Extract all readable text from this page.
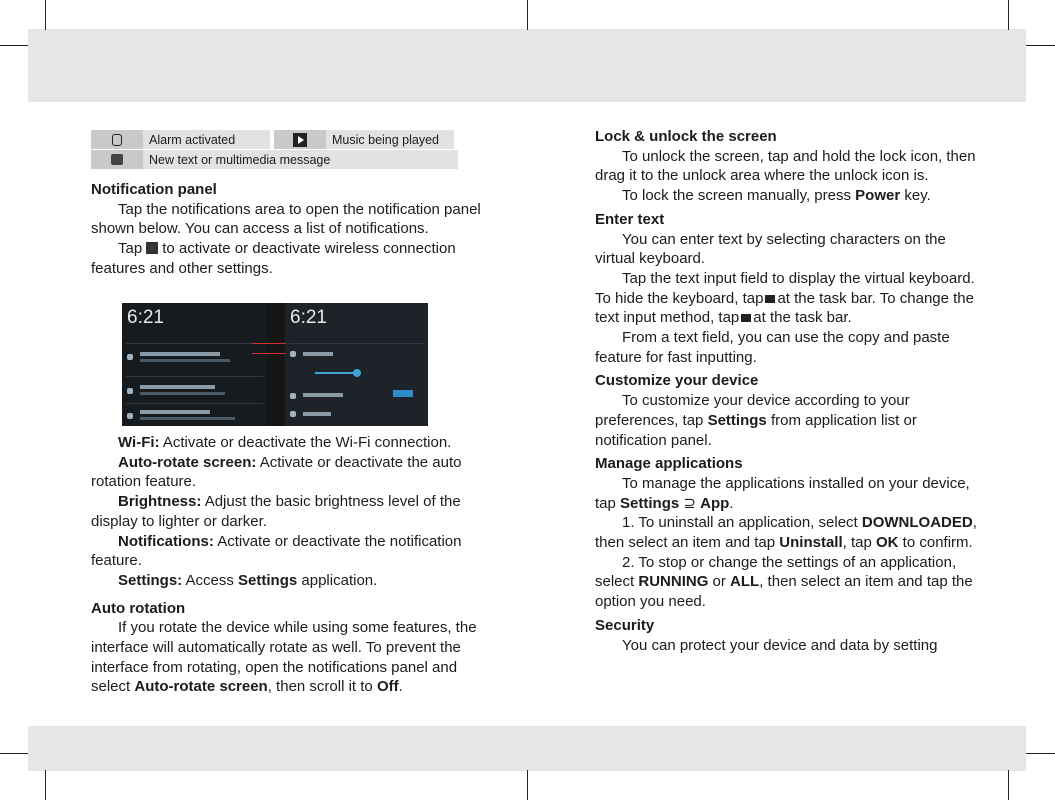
Alarm activated	Music being played
New text or multimedia message

Notification panel

Tap the notifications area to open the notification panel shown below. You can access a list of notifications.

Tap to activate or deactivate wireless connection features and other settings.

6:21	6:21

Wi-Fi: Activate or deactivate the Wi-Fi connection.

Auto-rotate screen: Activate or deactivate the auto rotation feature.

Brightness: Adjust the basic brightness level of the display to lighter or darker.

Notifications: Activate or deactivate the notification feature.

Settings: Access Settings application.

Auto rotation

If you rotate the device while using some features, the interface will automatically rotate as well. To prevent the interface from rotating, open the notifications panel and select Auto-rotate screen, then scroll it to Off.

Lock & unlock the screen

To unlock the screen, tap and hold the lock icon, then drag it to the unlock area where the unlock icon is.

To lock the screen manually, press Power key.

Enter text

You can enter text by selecting characters on the virtual keyboard.

Tap the text input field to display the virtual keyboard. To hide the keyboard, tap at the task bar. To change the text input method, tap at the task bar.

From a text field, you can use the copy and paste feature for fast inputting.

Customize your device

To customize your device according to your preferences, tap Settings from application list or notification panel.

Manage applications

To manage the applications installed on your device, tap Settings ⊇ App.

1. To uninstall an application, select DOWNLOADED, then select an item and tap Uninstall, tap OK to confirm.

2. To stop or change the settings of an application, select RUNNING or ALL, then select an item and tap the option you need.

Security

You can protect your device and data by setting
